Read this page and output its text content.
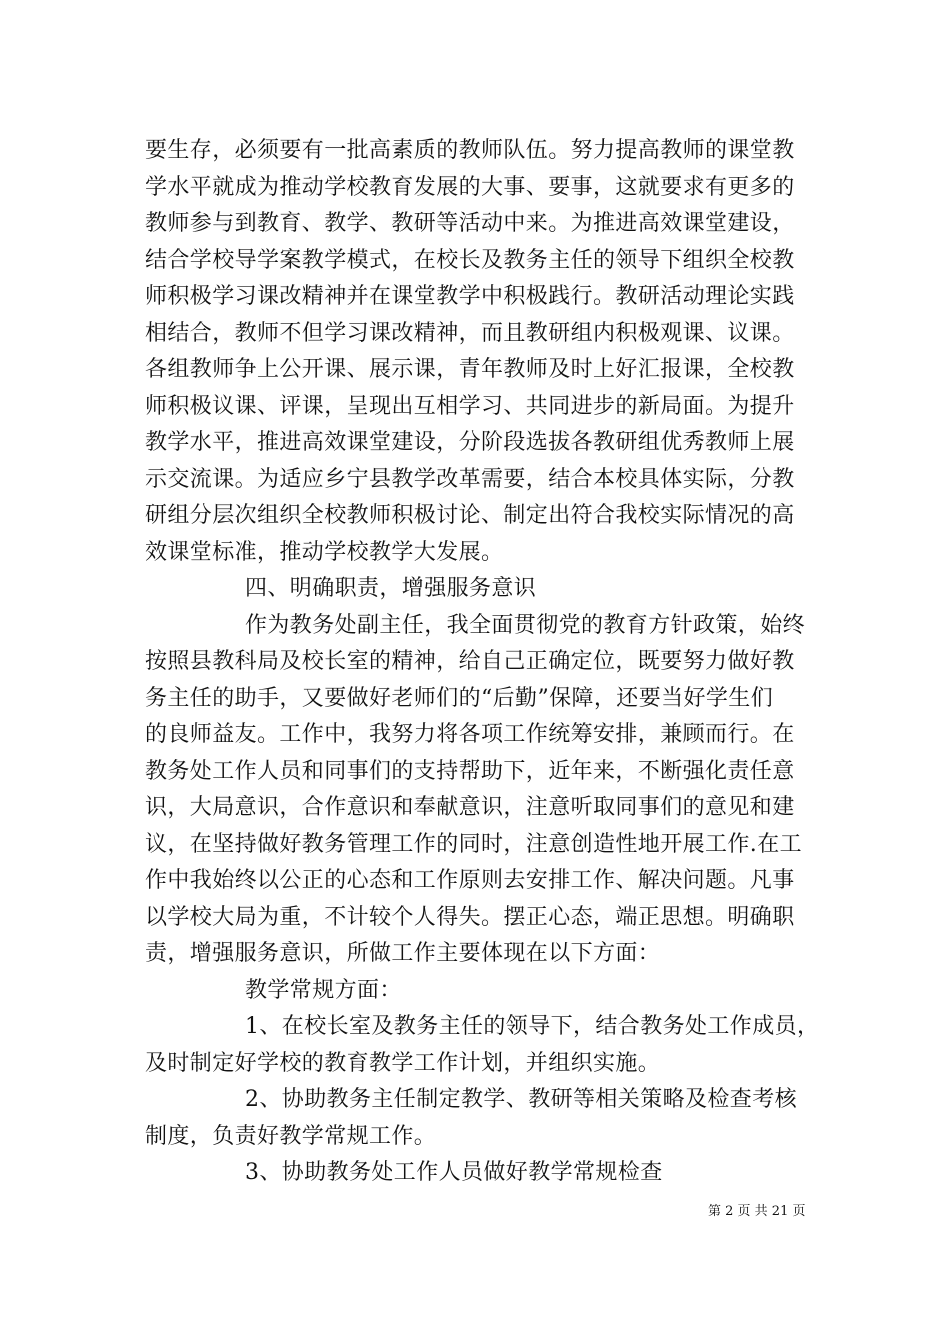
要生存，必须要有一批高素质的教师队伍。努力提高教师的课堂教
学水平就成为推动学校教育发展的大事、要事，这就要求有更多的
教师参与到教育、教学、教研等活动中来。为推进高效课堂建设，
结合学校导学案教学模式，在校长及教务主任的领导下组织全校教
师积极学习课改精神并在课堂教学中积极践行。教研活动理论实践
相结合，教师不但学习课改精神，而且教研组内积极观课、议课。
各组教师争上公开课、展示课，青年教师及时上好汇报课，全校教
师积极议课、评课，呈现出互相学习、共同进步的新局面。为提升
教学水平，推进高效课堂建设，分阶段选拔各教研组优秀教师上展
示交流课。为适应乡宁县教学改革需要，结合本校具体实际，分教
研组分层次组织全校教师积极讨论、制定出符合我校实际情况的高
效课堂标准，推动学校教学大发展。
四、明确职责，增强服务意识
作为教务处副主任，我全面贯彻党的教育方针政策，始终
按照县教科局及校长室的精神，给自己正确定位，既要努力做好教
务主任的助手，又要做好老师们的“后勤”保障，还要当好学生们
的良师益友。工作中，我努力将各项工作统筹安排，兼顾而行。在
教务处工作人员和同事们的支持帮助下，近年来，不断强化责任意
识，大局意识，合作意识和奉献意识，注意听取同事们的意见和建
议，在坚持做好教务管理工作的同时，注意创造性地开展工作.在工
作中我始终以公正的心态和工作原则去安排工作、解决问题。凡事
以学校大局为重，不计较个人得失。摆正心态，端正思想。明确职
责，增强服务意识，所做工作主要体现在以下方面：
教学常规方面：
1、在校长室及教务主任的领导下，结合教务处工作成员，
及时制定好学校的教育教学工作计划，并组织实施。
2、协助教务主任制定教学、教研等相关策略及检查考核
制度，负责好教学常规工作。
3、协助教务处工作人员做好教学常规检查
第 2 页 共 21 页
